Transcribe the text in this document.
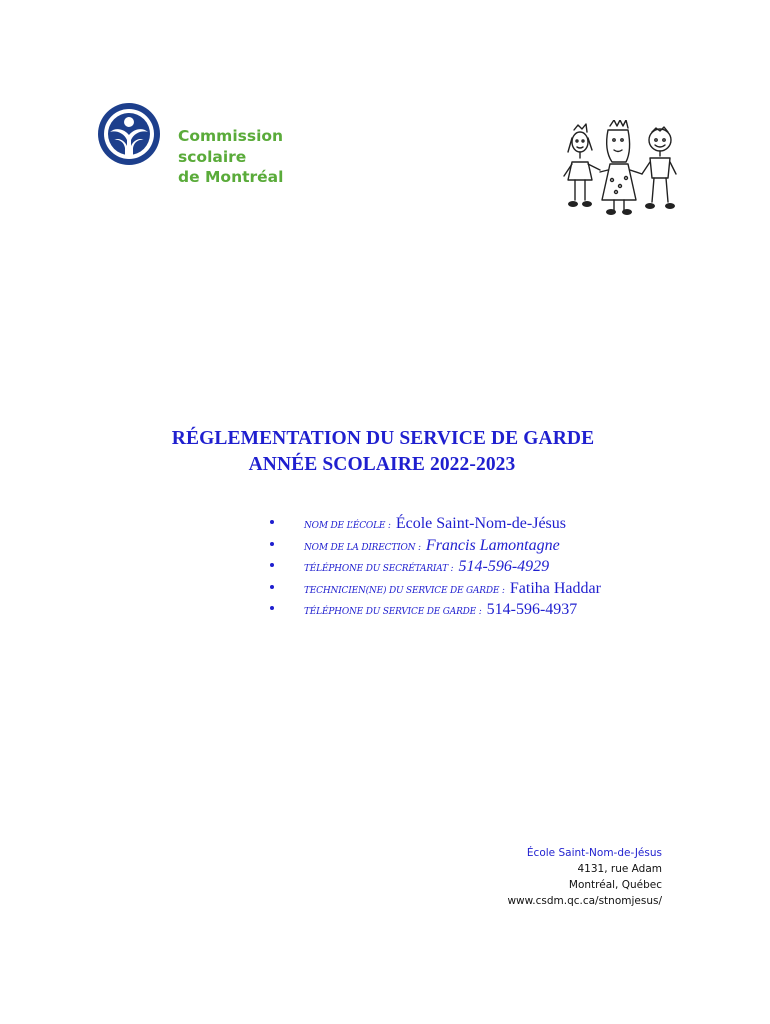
Commission
scolaire
de Montréal
RÉGLEMENTATION DU SERVICE DE GARDE
ANNÉE SCOLAIRE 2022-2023
NOM DE L’ÉCOLE : École Saint-Nom-de-Jésus
NOM DE LA DIRECTION : Francis Lamontagne
TÉLÉPHONE DU SECRÉTARIAT : 514-596-4929
TECHNICIEN(NE) DU SERVICE DE GARDE : Fatiha Haddar
TÉLÉPHONE DU SERVICE DE GARDE : 514-596-4937
École Saint-Nom-de-Jésus
4131, rue Adam
Montréal, Québec
www.csdm.qc.ca/stnomjesus/
